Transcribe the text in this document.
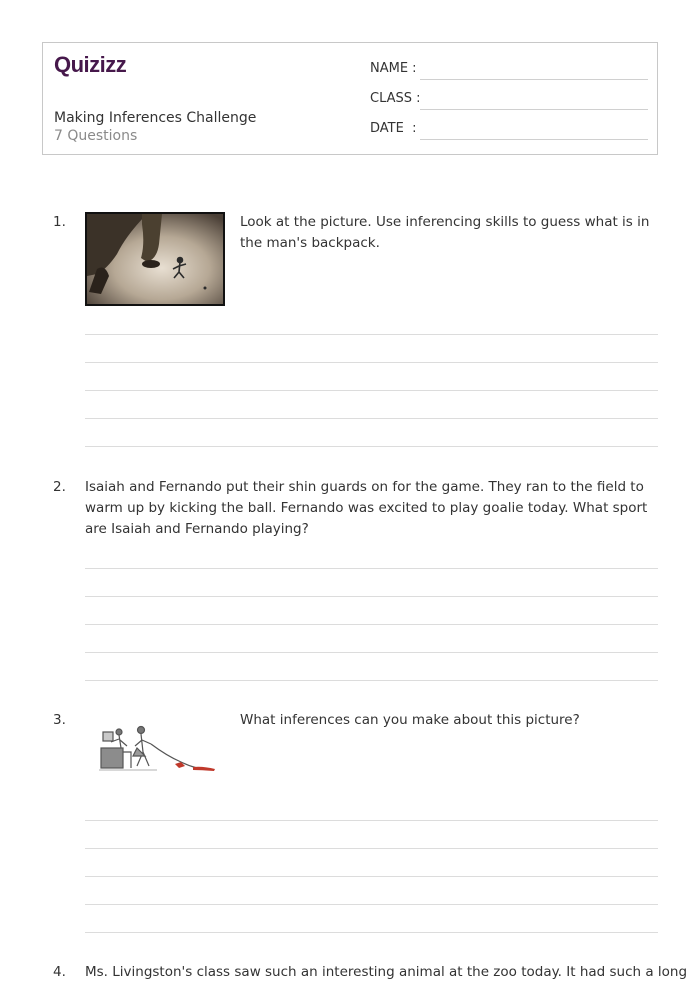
Quizizz
Making Inferences Challenge
7 Questions
NAME :
CLASS :
DATE  :
1.	Look at the picture. Use inferencing skills to guess what is in the man's backpack.
2. Isaiah and Fernando put their shin guards on for the game. They ran to the field to warm up by kicking the ball. Fernando was excited to play goalie today. What sport are Isaiah and Fernando playing?
3.	What inferences can you make about this picture?
4. Ms. Livingston's class saw such an interesting animal at the zoo today. It had such a long
